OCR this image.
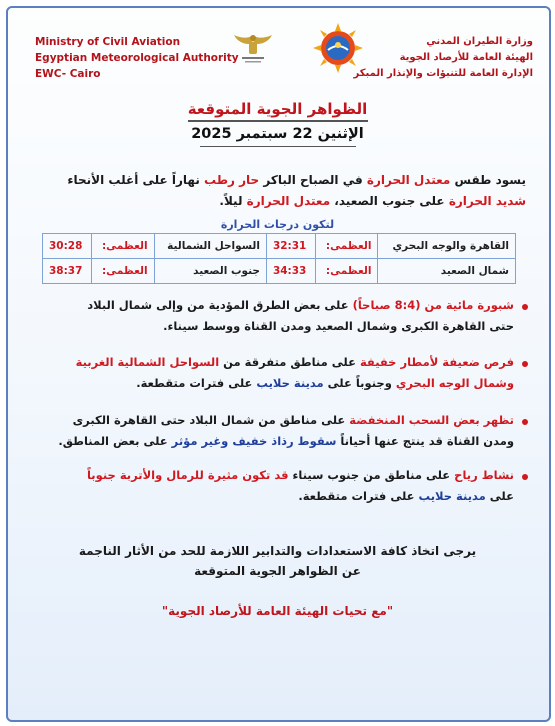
Ministry of Civil Aviation
Egyptian Meteorological Authority
EWC- Cairo
وزارة الطيران المدني
الهيئة العامة للأرصاد الجوية
الإدارة العامة للتنبؤات والإنذار المبكر
الظواهر الجوية المتوقعة
الإثنين 22 سبتمبر 2025
يسود طقس معتدل الحرارة في الصباح الباكر حار رطب نهاراً على أغلب الأنحاء
شديد الحرارة على جنوب الصعيد، معتدل الحرارة ليلاً.
لتكون درجات الحرارة
القاهرة والوجه البحري	العظمى:	32:31	السواحل الشمالية	العظمى:	30:28
شمال الصعيد	العظمى:	34:33	جنوب الصعيد	العظمى:	38:37
شبورة مائية من (8:4 صباحاً) على بعض الطرق المؤدية من وإلى شمال البلاد
حتى القاهرة الكبرى وشمال الصعيد ومدن القناة ووسط سيناء.
فرص ضعيفة لأمطار خفيفة على مناطق متفرقة من السواحل الشمالية الغربية
وشمال الوجه البحري وجنوباً على مدينة حلايب على فترات متقطعة.
تظهر بعض السحب المنخفضة على مناطق من شمال البلاد حتى القاهرة الكبرى
ومدن القناة قد ينتج عنها أحياناً سقوط رذاذ خفيف وغير مؤثر على بعض المناطق.
نشاط رياح على مناطق من جنوب سيناء قد تكون مثيرة للرمال والأتربة جنوباً
على مدينة حلايب على فترات متقطعة.
يرجى اتخاذ كافة الاستعدادات والتدابير اللازمة للحد من الأثار الناجمة
عن الظواهر الجوية المتوقعة
"مع تحيات الهيئة العامة للأرصاد الجوية"
